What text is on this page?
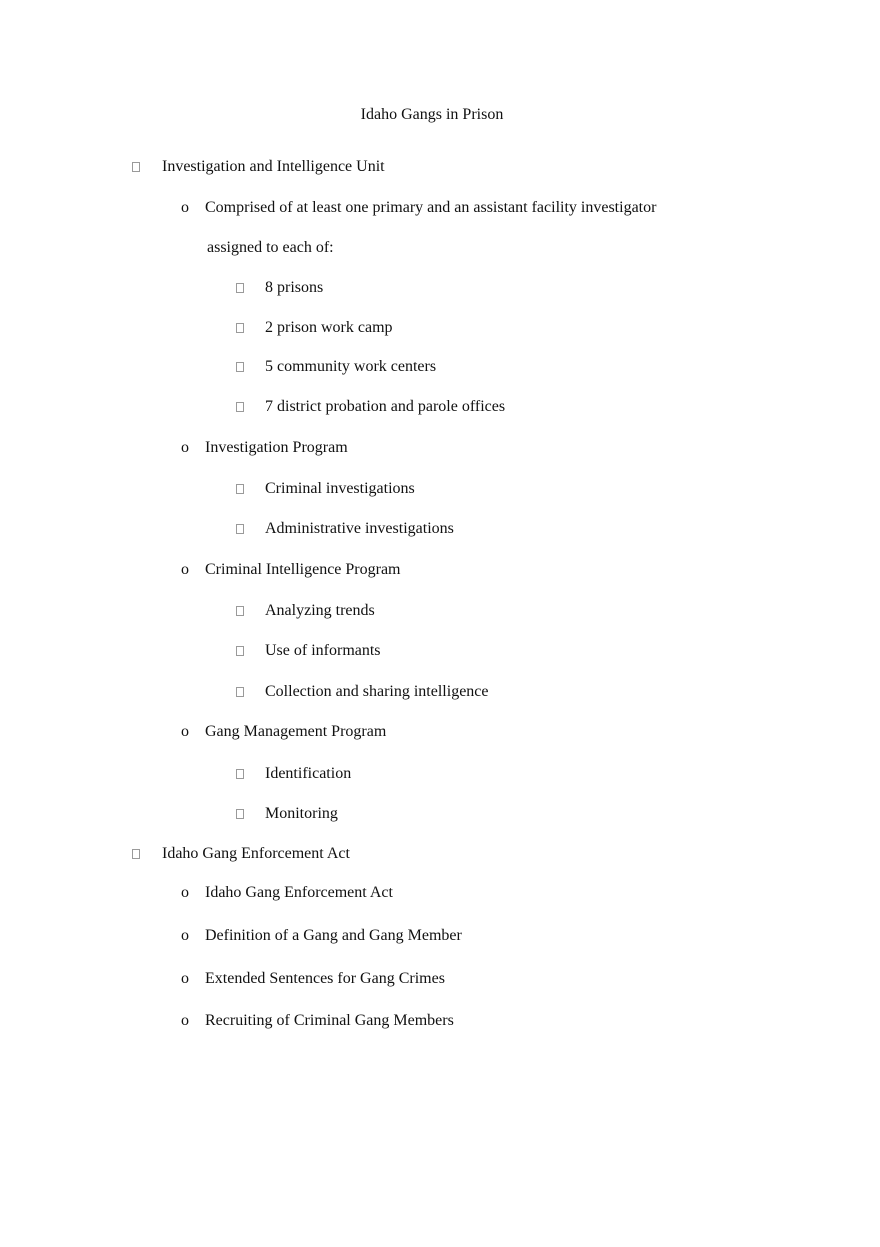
Idaho Gangs in Prison
Investigation and Intelligence Unit
o Comprised of at least one primary and an assistant facility investigator
assigned to each of:
8 prisons
2 prison work camp
5 community work centers
7 district probation and parole offices
o Investigation Program
Criminal investigations
Administrative investigations
o Criminal Intelligence Program
Analyzing trends
Use of informants
Collection and sharing intelligence
o Gang Management Program
Identification
Monitoring
Idaho Gang Enforcement Act
o Idaho Gang Enforcement Act
o Definition of a Gang and Gang Member
o Extended Sentences for Gang Crimes
o Recruiting of Criminal Gang Members
